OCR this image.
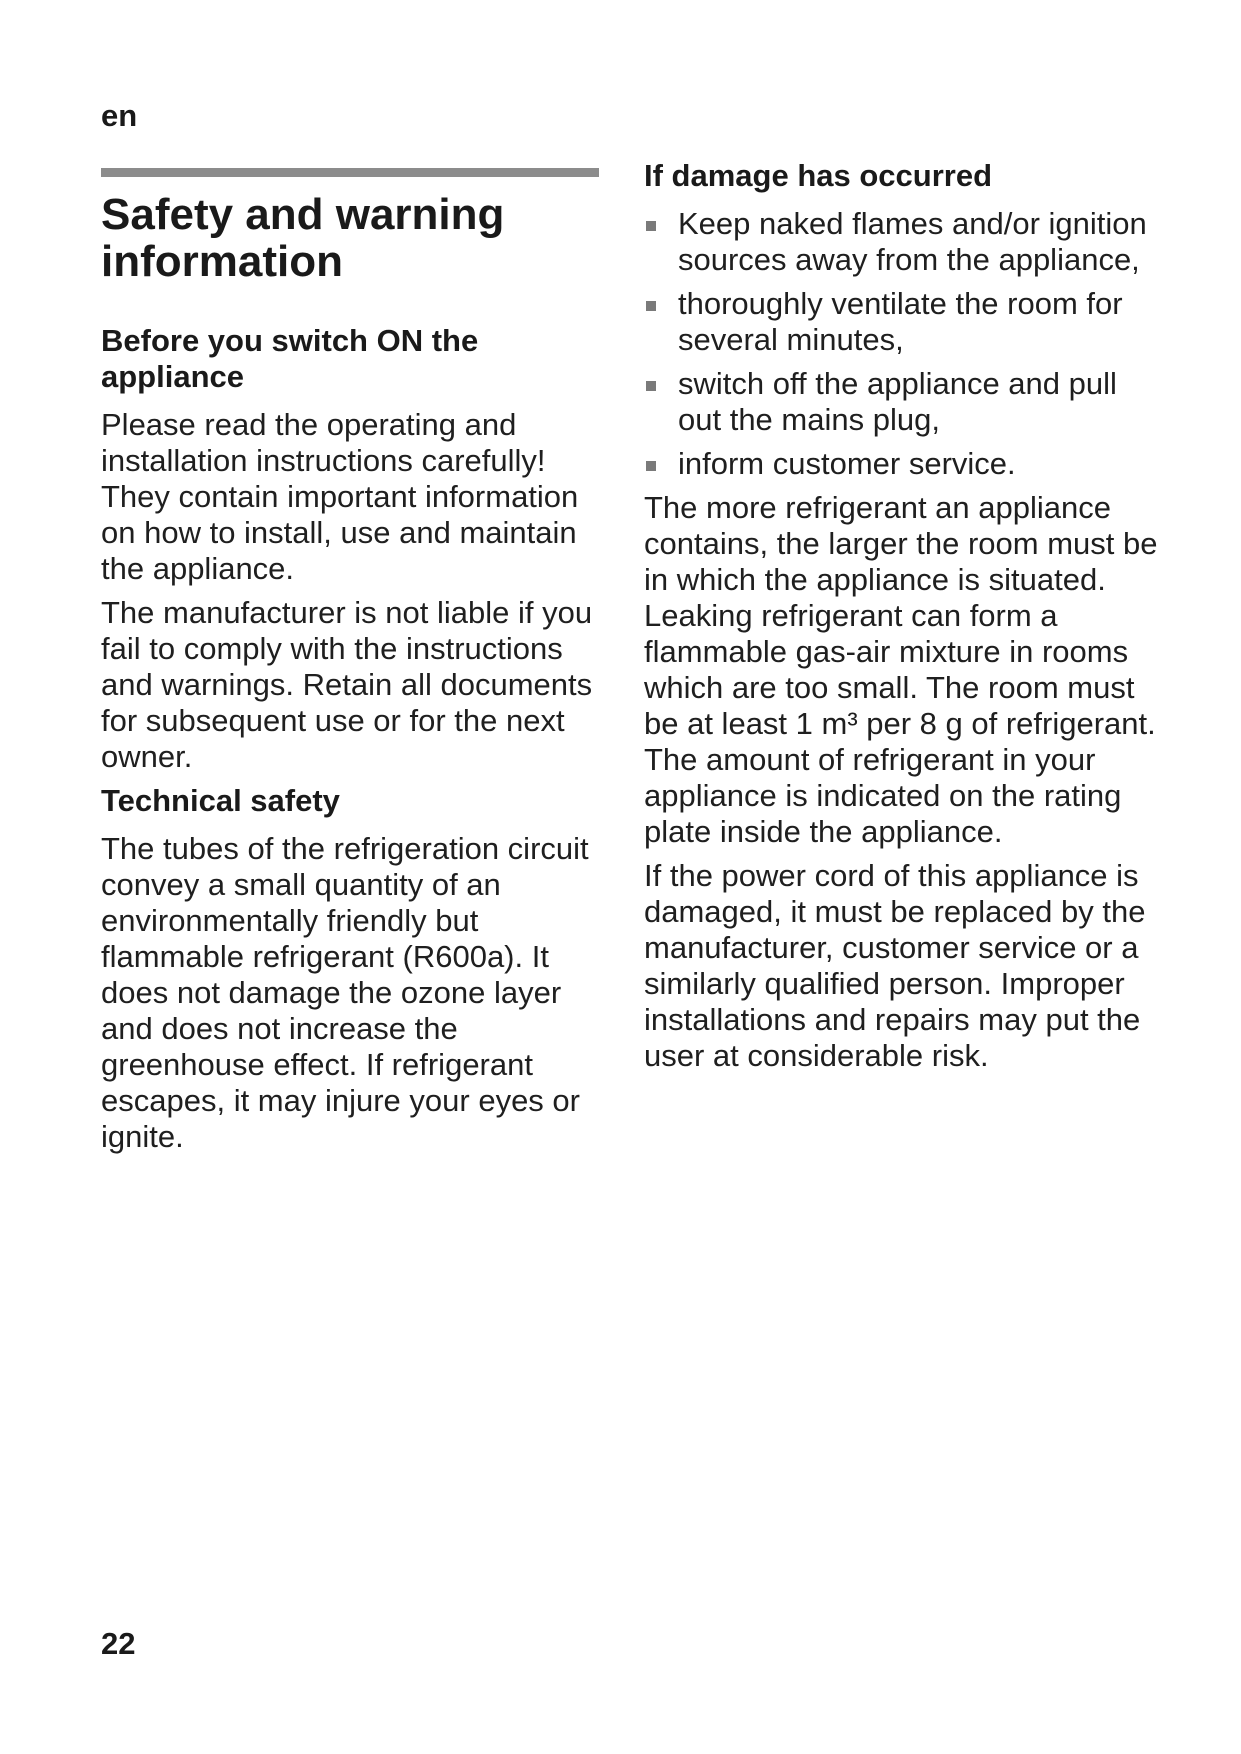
en

Safety and warning information
Before you switch ON the appliance

Please read the operating and installation instructions carefully! They contain important information on how to install, use and maintain the appliance.

The manufacturer is not liable if you fail to comply with the instructions and warnings. Retain all documents for subsequent use or for the next owner.

Technical safety

The tubes of the refrigeration circuit convey a small quantity of an environmentally friendly but flammable refrigerant (R600a). It does not damage the ozone layer and does not increase the greenhouse effect. If refrigerant escapes, it may injure your eyes or ignite.

If damage has occurred
Keep naked flames and/or ignition sources away from the appliance,
thoroughly ventilate the room for several minutes,
switch off the appliance and pull out the mains plug,
inform customer service.

The more refrigerant an appliance contains, the larger the room must be in which the appliance is situated. Leaking refrigerant can form a flammable gas-air mixture in rooms which are too small. The room must be at least 1 m³ per 8 g of refrigerant. The amount of refrigerant in your appliance is indicated on the rating plate inside the appliance.

If the power cord of this appliance is damaged, it must be replaced by the manufacturer, customer service or a similarly qualified person. Improper installations and repairs may put the user at considerable risk.

22
